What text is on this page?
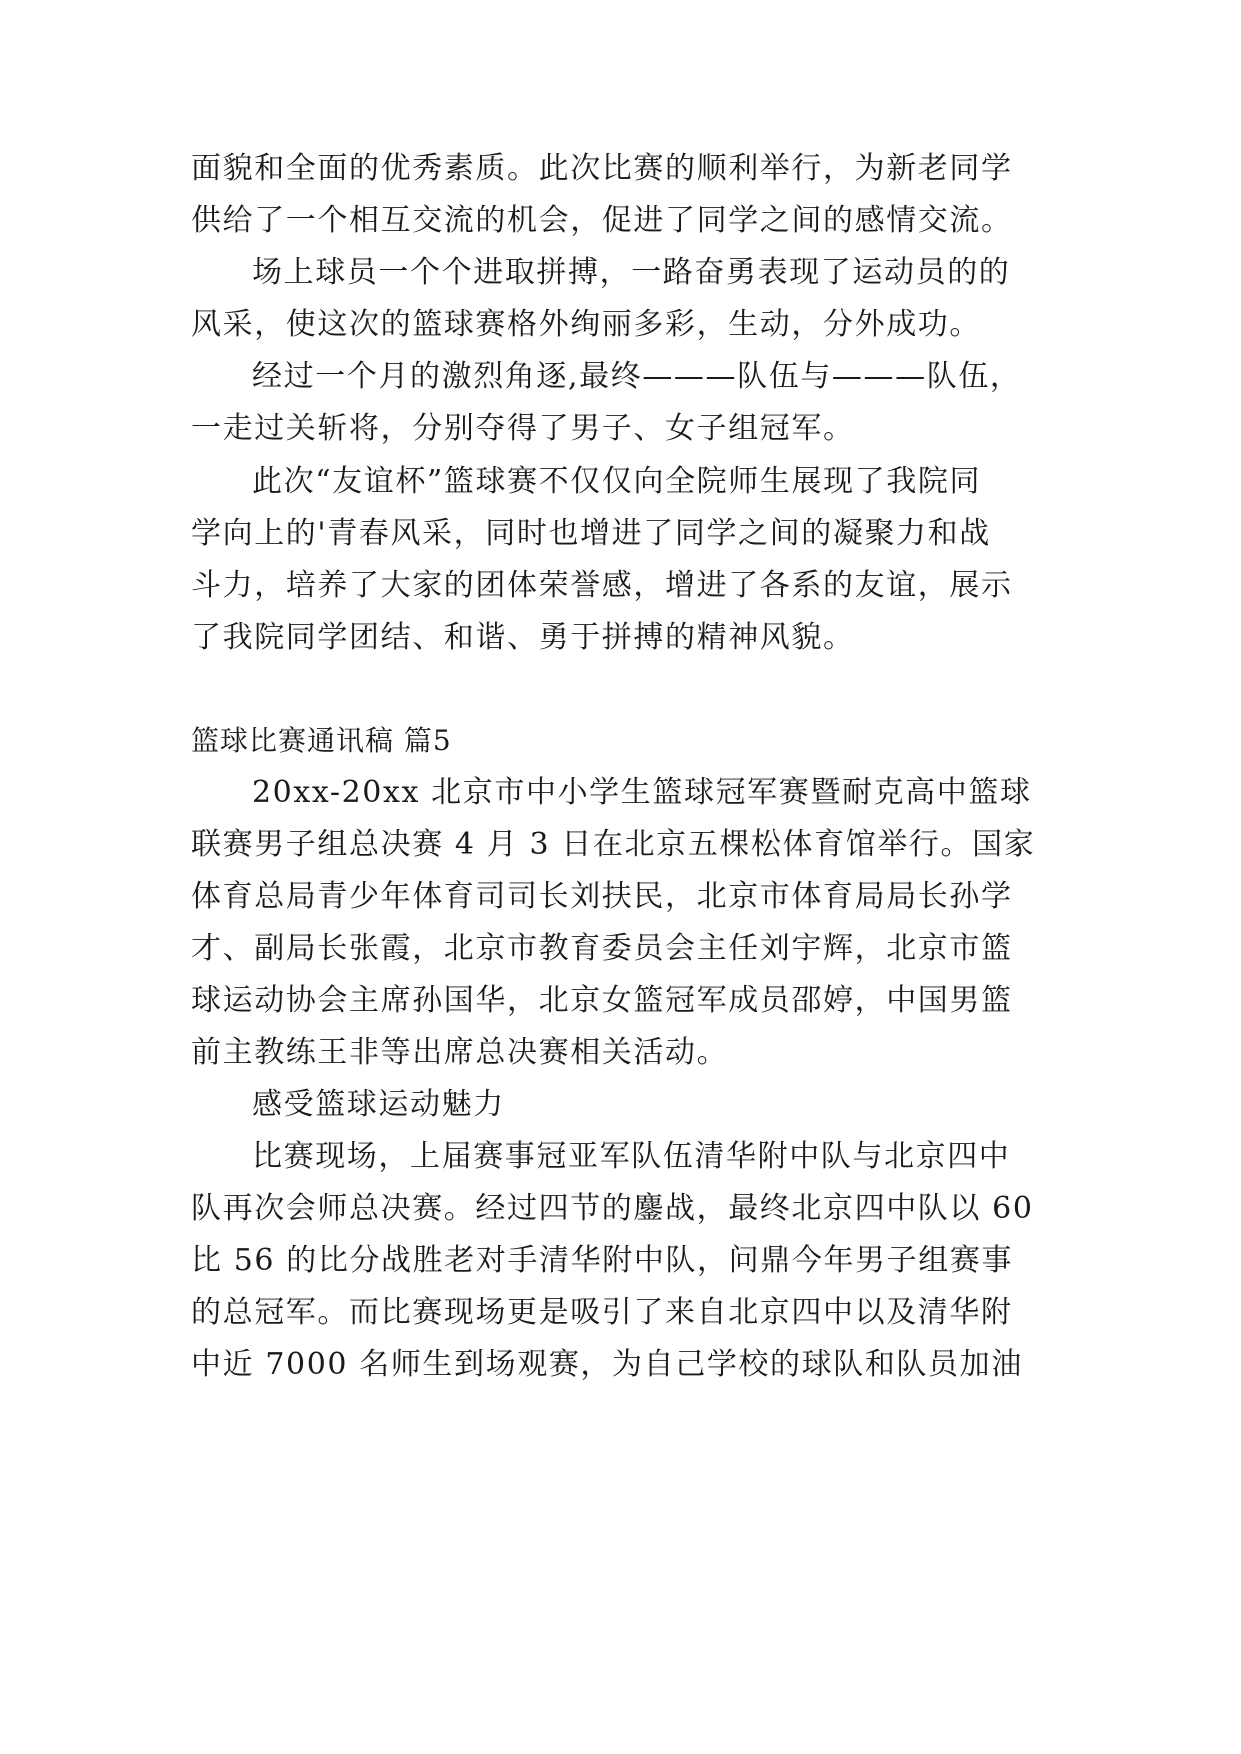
面貌和全面的优秀素质。此次比赛的顺利举行，为新老同学
供给了一个相互交流的机会，促进了同学之间的感情交流。
场上球员一个个进取拼搏，一路奋勇表现了运动员的的
风采，使这次的篮球赛格外绚丽多彩，生动，分外成功。
经过一个月的激烈角逐,最终———队伍与———队伍，
一走过关斩将，分别夺得了男子、女子组冠军。
此次“友谊杯”篮球赛不仅仅向全院师生展现了我院同
学向上的'青春风采，同时也增进了同学之间的凝聚力和战
斗力，培养了大家的团体荣誉感，增进了各系的友谊，展示
了我院同学团结、和谐、勇于拼搏的精神风貌。
篮球比赛通讯稿 篇5
20xx-20xx 北京市中小学生篮球冠军赛暨耐克高中篮球
联赛男子组总决赛 4 月 3 日在北京五棵松体育馆举行。国家
体育总局青少年体育司司长刘扶民，北京市体育局局长孙学
才、副局长张霞，北京市教育委员会主任刘宇辉，北京市篮
球运动协会主席孙国华，北京女篮冠军成员邵婷，中国男篮
前主教练王非等出席总决赛相关活动。
感受篮球运动魅力
比赛现场，上届赛事冠亚军队伍清华附中队与北京四中
队再次会师总决赛。经过四节的鏖战，最终北京四中队以 60
比 56 的比分战胜老对手清华附中队，问鼎今年男子组赛事
的总冠军。而比赛现场更是吸引了来自北京四中以及清华附
中近 7000 名师生到场观赛，为自己学校的球队和队员加油
